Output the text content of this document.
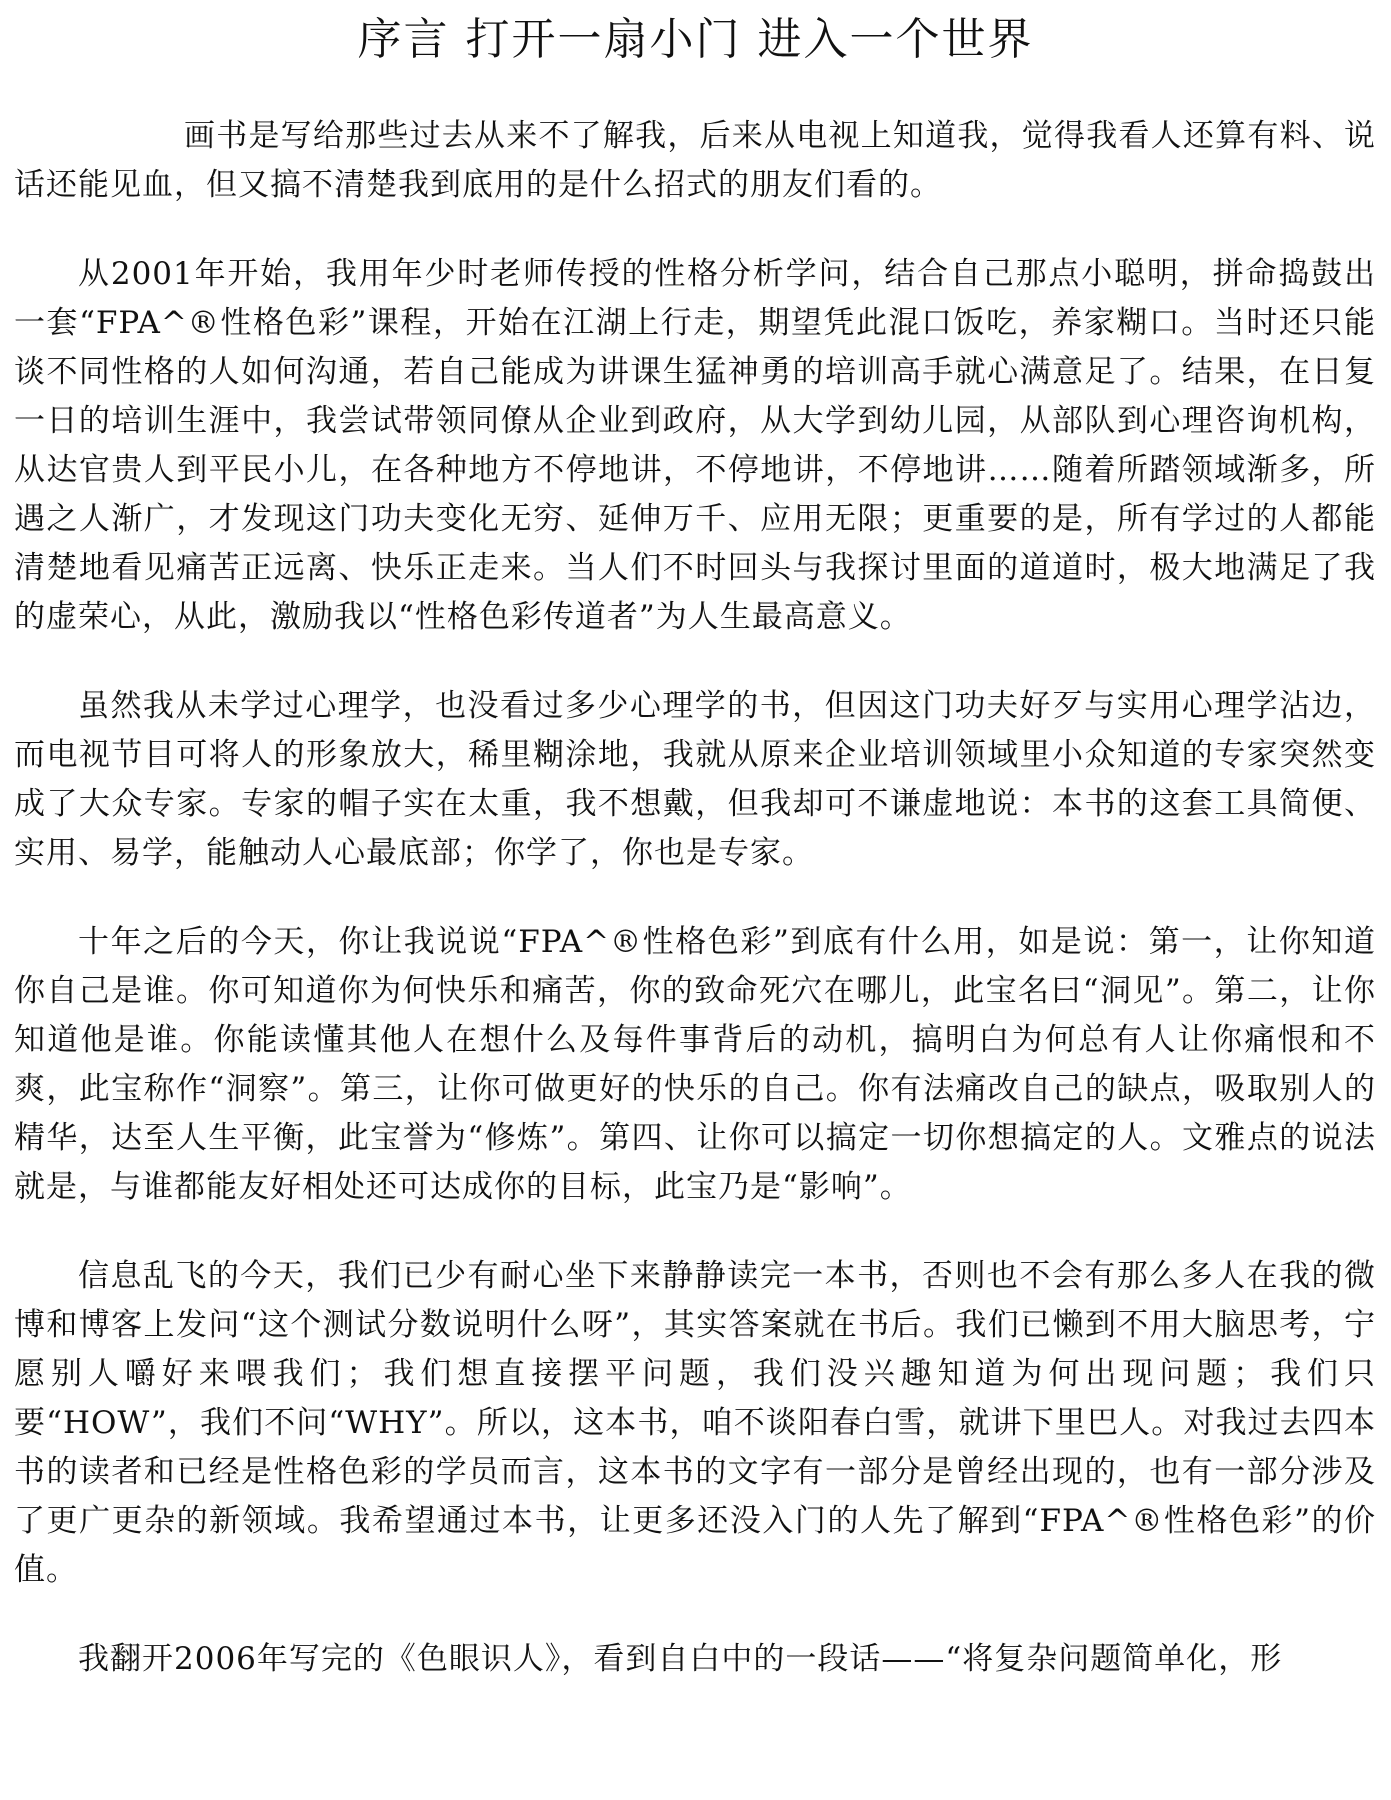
序言 打开一扇小门 进入一个世界

画书是写给那些过去从来不了解我，后来从电视上知道我，觉得我看人还算有料、说话还能见血，但又搞不清楚我到底用的是什么招式的朋友们看的。

从2001年开始，我用年少时老师传授的性格分析学问，结合自己那点小聪明，拼命捣鼓出一套“FPA^®性格色彩”课程，开始在江湖上行走，期望凭此混口饭吃，养家糊口。当时还只能谈不同性格的人如何沟通，若自己能成为讲课生猛神勇的培训高手就心满意足了。结果，在日复一日的培训生涯中，我尝试带领同僚从企业到政府，从大学到幼儿园，从部队到心理咨询机构，从达官贵人到平民小儿，在各种地方不停地讲，不停地讲，不停地讲……随着所踏领域渐多，所遇之人渐广，才发现这门功夫变化无穷、延伸万千、应用无限；更重要的是，所有学过的人都能清楚地看见痛苦正远离、快乐正走来。当人们不时回头与我探讨里面的道道时，极大地满足了我的虚荣心，从此，激励我以“性格色彩传道者”为人生最高意义。

虽然我从未学过心理学，也没看过多少心理学的书，但因这门功夫好歹与实用心理学沾边，而电视节目可将人的形象放大，稀里糊涂地，我就从原来企业培训领域里小众知道的专家突然变成了大众专家。专家的帽子实在太重，我不想戴，但我却可不谦虚地说：本书的这套工具简便、实用、易学，能触动人心最底部；你学了，你也是专家。

十年之后的今天，你让我说说“FPA^®性格色彩”到底有什么用，如是说：第一，让你知道你自己是谁。你可知道你为何快乐和痛苦，你的致命死穴在哪儿，此宝名曰“洞见”。第二，让你知道他是谁。你能读懂其他人在想什么及每件事背后的动机，搞明白为何总有人让你痛恨和不爽，此宝称作“洞察”。第三，让你可做更好的快乐的自己。你有法痛改自己的缺点，吸取别人的精华，达至人生平衡，此宝誉为“修炼”。第四、让你可以搞定一切你想搞定的人。文雅点的说法就是，与谁都能友好相处还可达成你的目标，此宝乃是“影响”。

信息乱飞的今天，我们已少有耐心坐下来静静读完一本书，否则也不会有那么多人在我的微博和博客上发问“这个测试分数说明什么呀”，其实答案就在书后。我们已懒到不用大脑思考，宁愿别人嚼好来喂我们；我们想直接摆平问题，我们没兴趣知道为何出现问题；我们只要“HOW”，我们不问“WHY”。所以，这本书，咱不谈阳春白雪，就讲下里巴人。对我过去四本书的读者和已经是性格色彩的学员而言，这本书的文字有一部分是曾经出现的，也有一部分涉及了更广更杂的新领域。我希望通过本书，让更多还没入门的人先了解到“FPA^®性格色彩”的价值。

我翻开2006年写完的《色眼识人》，看到自白中的一段话——“将复杂问题简单化，形
